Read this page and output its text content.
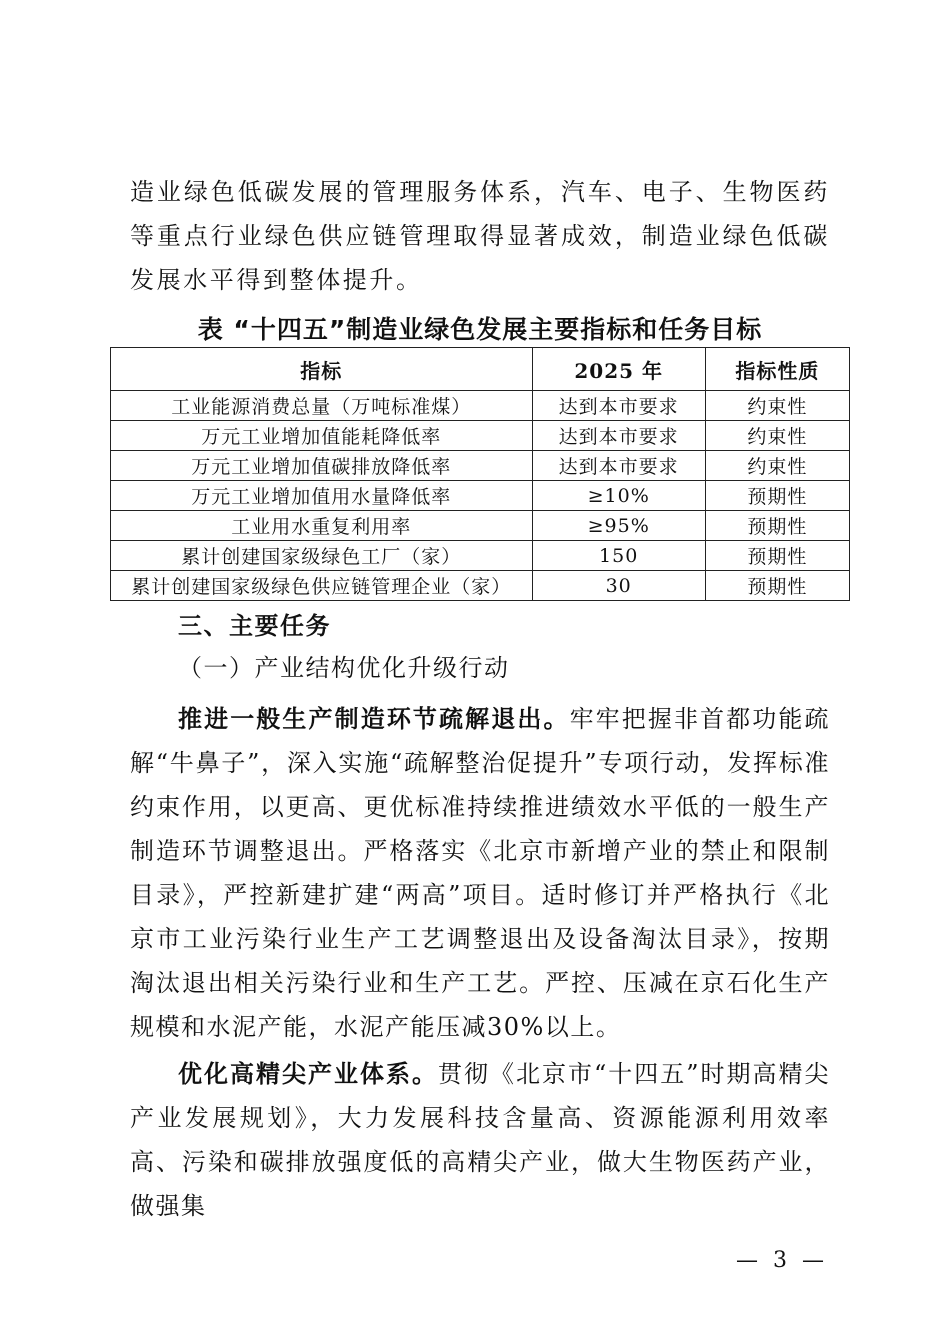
造业绿色低碳发展的管理服务体系，汽车、电子、生物医药等重点行业绿色供应链管理取得显著成效，制造业绿色低碳发展水平得到整体提升。
表 “十四五”制造业绿色发展主要指标和任务目标
指标	2025 年	指标性质
工业能源消费总量（万吨标准煤）	达到本市要求	约束性
万元工业增加值能耗降低率	达到本市要求	约束性
万元工业增加值碳排放降低率	达到本市要求	约束性
万元工业增加值用水量降低率	≥10%	预期性
工业用水重复利用率	≥95%	预期性
累计创建国家级绿色工厂（家）	150	预期性
累计创建国家级绿色供应链管理企业（家）	30	预期性
三、主要任务
（一）产业结构优化升级行动
推进一般生产制造环节疏解退出。牢牢把握非首都功能疏解“牛鼻子”，深入实施“疏解整治促提升”专项行动，发挥标准约束作用，以更高、更优标准持续推进绩效水平低的一般生产制造环节调整退出。严格落实《北京市新增产业的禁止和限制目录》，严控新建扩建“两高”项目。适时修订并严格执行《北京市工业污染行业生产工艺调整退出及设备淘汰目录》，按期淘汰退出相关污染行业和生产工艺。严控、压减在京石化生产规模和水泥产能，水泥产能压减30%以上。
优化高精尖产业体系。贯彻《北京市“十四五”时期高精尖产业发展规划》，大力发展科技含量高、资源能源利用效率高、污染和碳排放强度低的高精尖产业，做大生物医药产业，做强集
— 3 —
